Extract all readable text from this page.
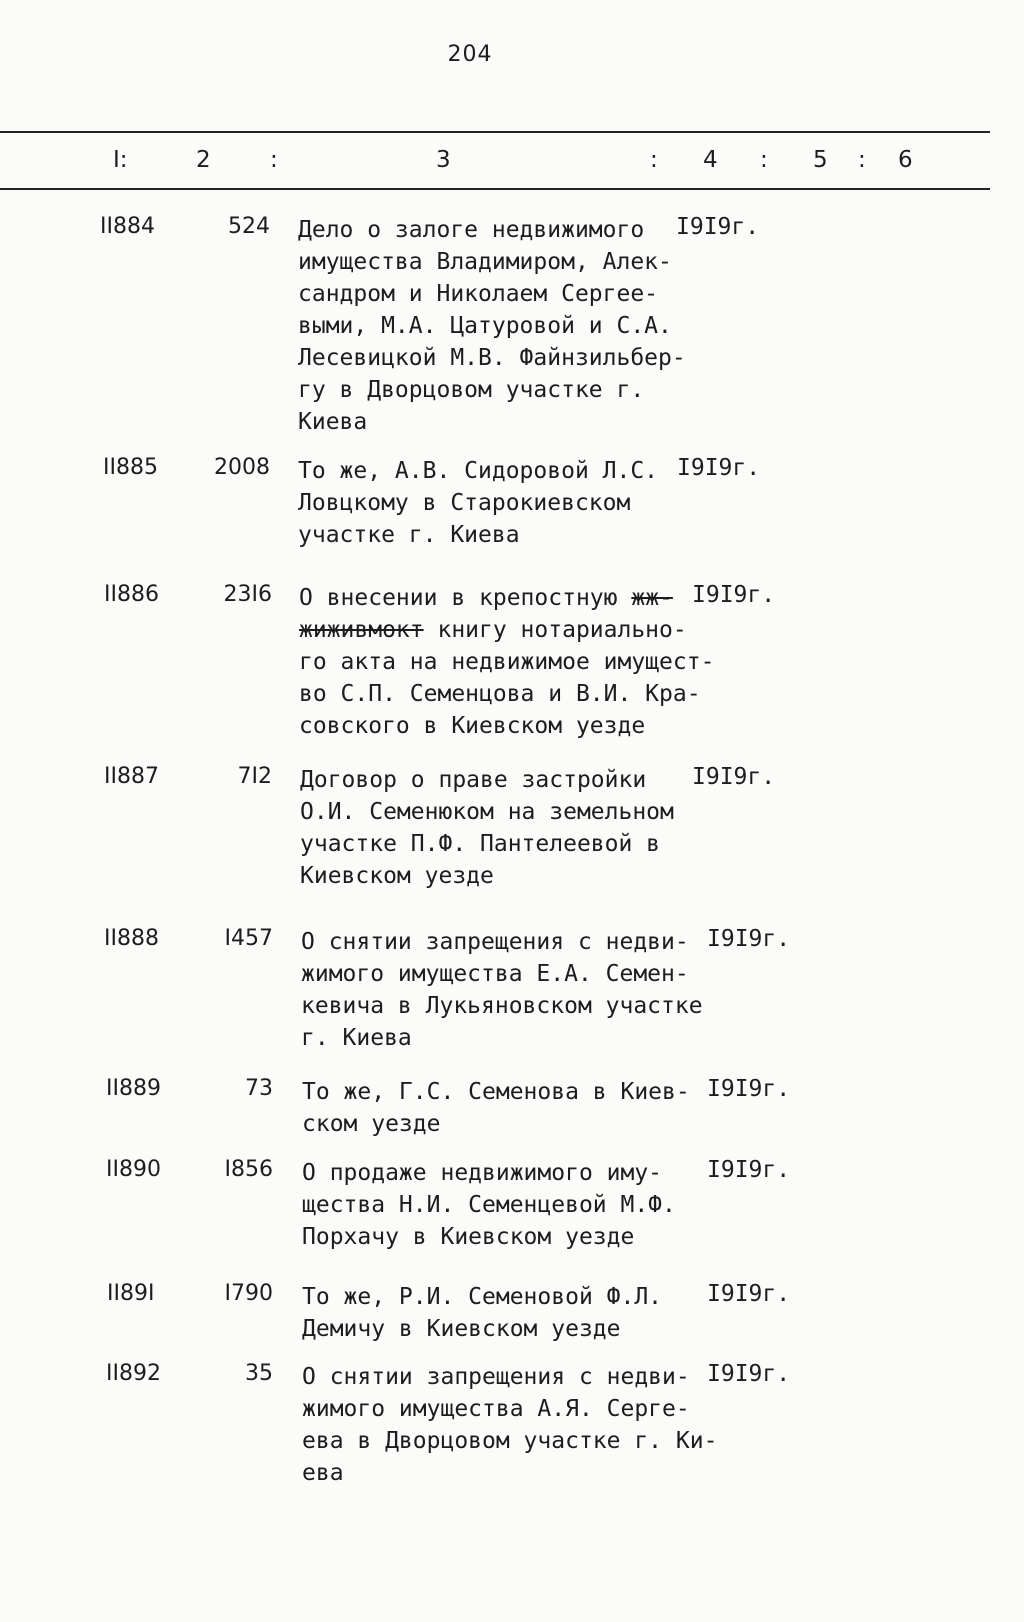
204
I:	2	:	3	: 4 : 5 : 6
II884	524 Дело о залоге недвижимого
имущества Владимиром, Алек-
сандром и Николаем Сергее-
выми, М.А. Цатуровой и С.А.
Лесевицкой М.В. Файнзильбер-
гу в Дворцовом участке г. Киева
I9I9г.
II885	2008 То же, А.В. Сидоровой Л.С.
Ловцкому в Старокиевском
участке г. Киева
I9I9г.
II886	23I6 О внесении в крепостную жж-
жиживмокт книгу нотариально-
го акта на недвижимое имущест-
во С.П. Семенцова и В.И. Кра-
совского в Киевском уезде
I9I9г.
II887	7I2 Договор о праве застройки
О.И. Семенюком на земельном
участке П.Ф. Пантелеевой в
Киевском уезде
I9I9г.
II888	I457 О снятии запрещения с недви-
жимого имущества Е.А. Семен-
кевича в Лукьяновском участке
г. Киева
I9I9г.
II889	73 То же, Г.С. Семенова в Киев-
ском уезде
I9I9г.
II890	I856 О продаже недвижимого иму-
щества Н.И. Семенцевой М.Ф.
Порхачу в Киевском уезде
I9I9г.
II89I	I790 То же, Р.И. Семеновой Ф.Л.
Демичу в Киевском уезде
I9I9г.
II892	35 О снятии запрещения с недви-
жимого имущества А.Я. Серге-
ева в Дворцовом участке г. Ки-
ева
I9I9г.
